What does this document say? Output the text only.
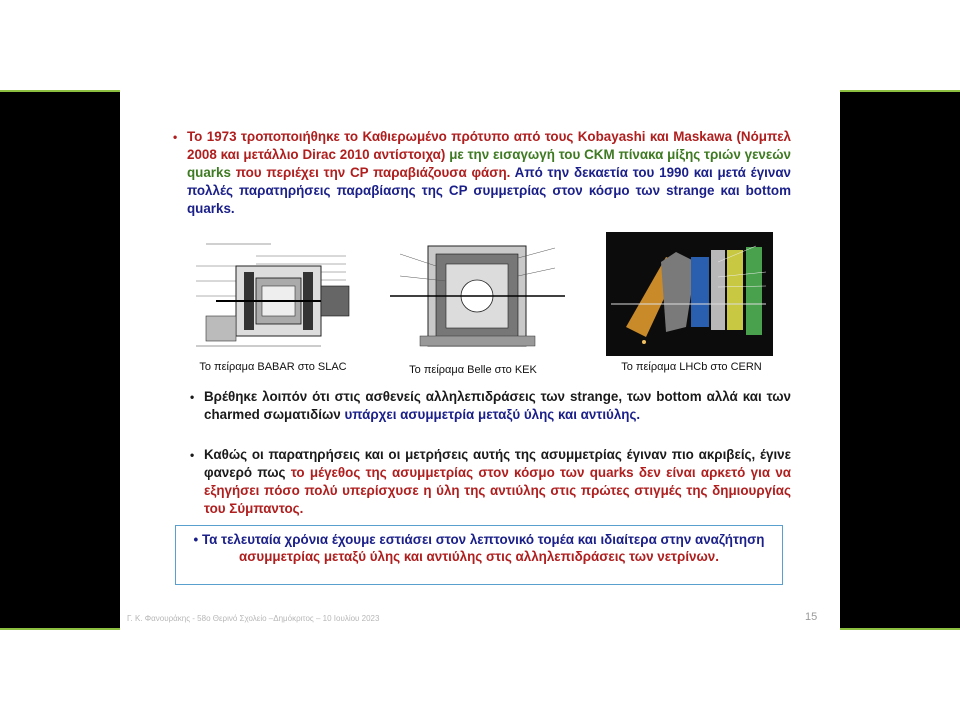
• Το 1973 τροποποιήθηκε το Καθιερωμένο πρότυπο από τους Kobayashi και Maskawa (Νόμπελ 2008 και μετάλλιο Dirac 2010 αντίστοιχα) με την εισαγωγή του CKM πίνακα μίξης τριών γενεών quarks που περιέχει την CP παραβιάζουσα φάση. Από την δεκαετία του 1990 και μετά έγιναν πολλές παρατηρήσεις παραβίασης της CP συμμετρίας στον κόσμο των strange και bottom quarks.
Το πείραμα BABAR στο SLAC	Το πείραμα Belle στο KEK	Το πείραμα LHCb στο CERN
• Βρέθηκε λοιπόν ότι στις ασθενείς αλληλεπιδράσεις των strange, των bottom αλλά και των charmed σωματιδίων υπάρχει ασυμμετρία μεταξύ ύλης και αντιύλης.
• Καθώς οι παρατηρήσεις και οι μετρήσεις αυτής της ασυμμετρίας έγιναν πιο ακριβείς, έγινε φανερό πως το μέγεθος της ασυμμετρίας στον κόσμο των quarks δεν είναι αρκετό για να εξηγήσει πόσο πολύ υπερίσχυσε η ύλη της αντιύλης στις πρώτες στιγμές της δημιουργίας του Σύμπαντος.
• Τα τελευταία χρόνια έχουμε εστιάσει στον λεπτονικό τομέα και ιδιαίτερα στην αναζήτηση ασυμμετρίας μεταξύ ύλης και αντιύλης στις αλληλεπιδράσεις των νετρίνων.
Γ. Κ. Φανουράκης - 58ο Θερινό Σχολείο –Δημόκριτος – 10 Ιουλίου 2023	15
